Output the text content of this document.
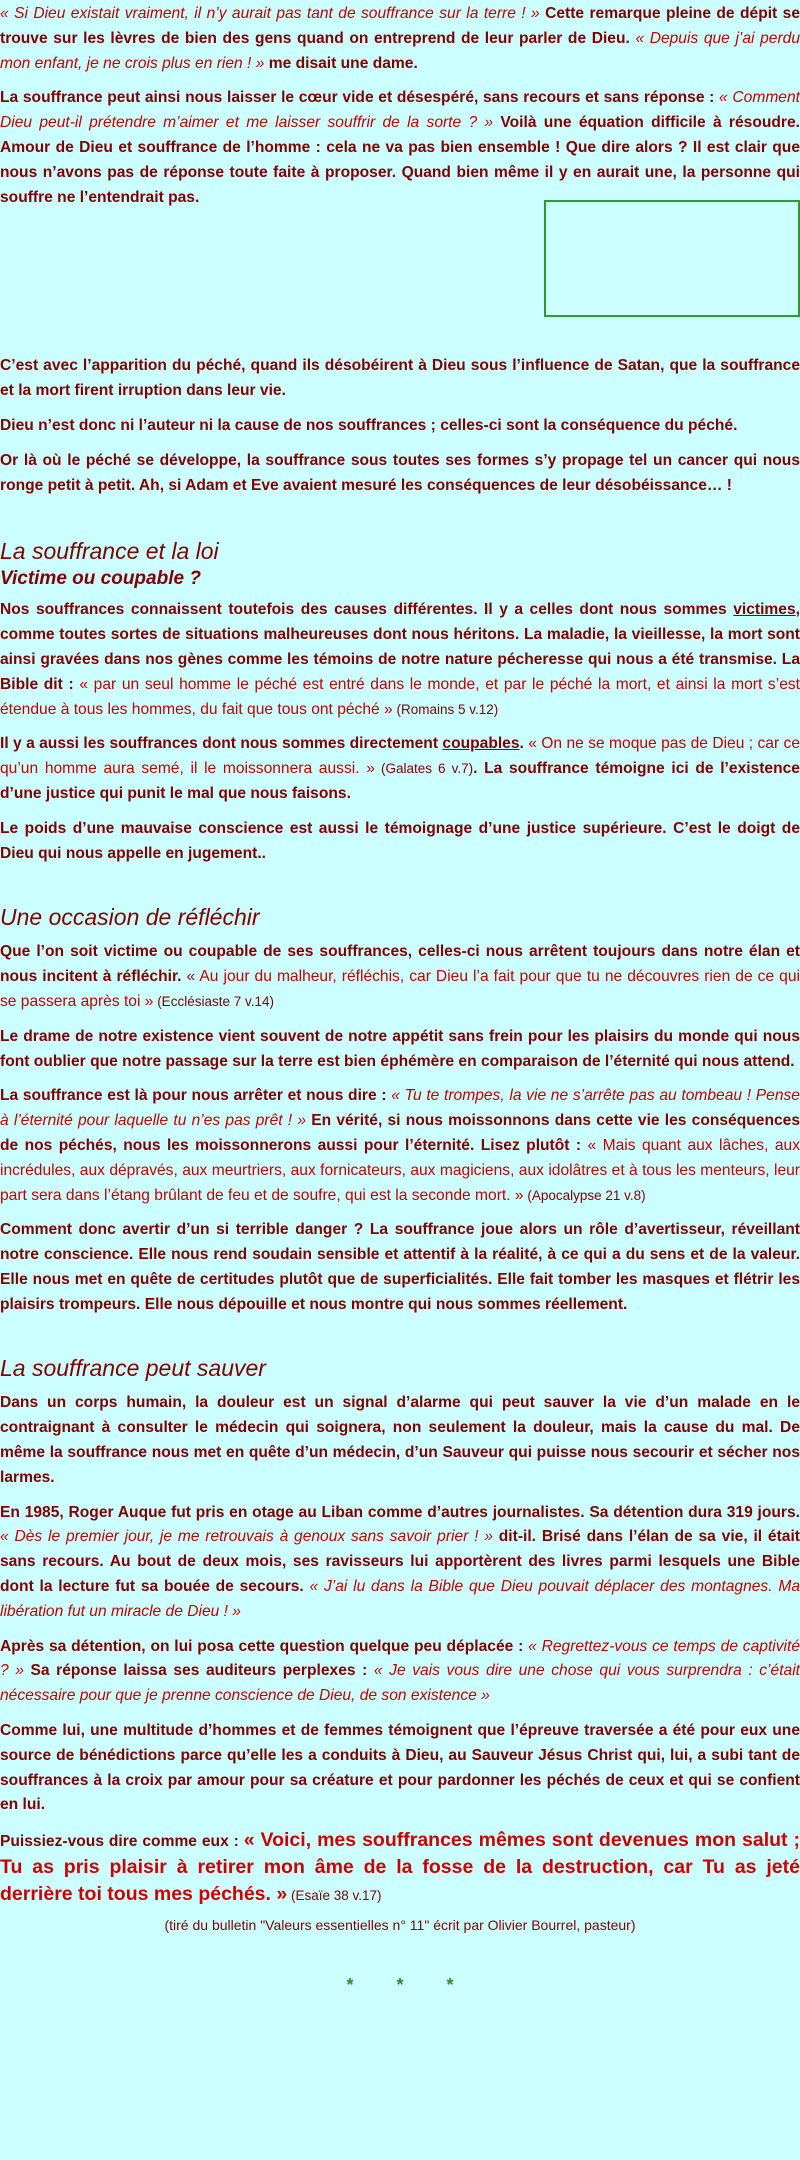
« Si Dieu existait vraiment, il n’y aurait pas tant de souffrance sur la terre ! » Cette remarque pleine de dépit se trouve sur les lèvres de bien des gens quand on entreprend de leur parler de Dieu. « Depuis que j’ai perdu mon enfant, je ne crois plus en rien ! » me disait une dame.

La souffrance peut ainsi nous laisser le cœur vide et désespéré, sans recours et sans réponse : « Comment Dieu peut-il prétendre m’aimer et me laisser souffrir de la sorte ? » Voilà une équation difficile à résoudre. Amour de Dieu et souffrance de l’homme : cela ne va pas bien ensemble ! Que dire alors ? Il est clair que nous n’avons pas de réponse toute faite à proposer. Quand bien même il y en aurait une, la personne qui souffre ne l’entendrait pas.

C’est avec l’apparition du péché, quand ils désobéirent à Dieu sous l’influence de Satan, que la souffrance et la mort firent irruption dans leur vie.

Dieu n’est donc ni l’auteur ni la cause de nos souffrances ; celles-ci sont la conséquence du péché.

Or là où le péché se développe, la souffrance sous toutes ses formes s’y propage tel un cancer qui nous ronge petit à petit. Ah, si Adam et Eve avaient mesuré les conséquences de leur désobéissance… !

La souffrance et la loi
Victime ou coupable ?

Nos souffrances connaissent toutefois des causes différentes. Il y a celles dont nous sommes victimes, comme toutes sortes de situations malheureuses dont nous héritons. La maladie, la vieillesse, la mort sont ainsi gravées dans nos gènes comme les témoins de notre nature pécheresse qui nous a été transmise. La Bible dit : « par un seul homme le péché est entré dans le monde, et par le péché la mort, et ainsi la mort s’est étendue à tous les hommes, du fait que tous ont péché » (Romains 5 v.12)

Il y a aussi les souffrances dont nous sommes directement coupables. « On ne se moque pas de Dieu ; car ce qu’un homme aura semé, il le moissonnera aussi. » (Galates 6 v.7). La souffrance témoigne ici de l’existence d’une justice qui punit le mal que nous faisons.

Le poids d’une mauvaise conscience est aussi le témoignage d’une justice supérieure. C’est le doigt de Dieu qui nous appelle en jugement..

Une occasion de réfléchir

Que l’on soit victime ou coupable de ses souffrances, celles-ci nous arrêtent toujours dans notre élan et nous incitent à réfléchir. « Au jour du malheur, réfléchis, car Dieu l’a fait pour que tu ne découvres rien de ce qui se passera après toi » (Ecclésiaste 7 v.14)

Le drame de notre existence vient souvent de notre appétit sans frein pour les plaisirs du monde qui nous font oublier que notre passage sur la terre est bien éphémère en comparaison de l’éternité qui nous attend.

La souffrance est là pour nous arrêter et nous dire : « Tu te trompes, la vie ne s’arrête pas au tombeau ! Pense à l’éternité pour laquelle tu n’es pas prêt ! » En vérité, si nous moissonnons dans cette vie les conséquences de nos péchés, nous les moissonnerons aussi pour l’éternité. Lisez plutôt : « Mais quant aux lâches, aux incrédules, aux dépravés, aux meurtriers, aux fornicateurs, aux magiciens, aux idolâtres et à tous les menteurs, leur part sera dans l’étang brûlant de feu et de soufre, qui est la seconde mort. » (Apocalypse 21 v.8)

Comment donc avertir d’un si terrible danger ? La souffrance joue alors un rôle d’avertisseur, réveillant notre conscience. Elle nous rend soudain sensible et attentif à la réalité, à ce qui a du sens et de la valeur. Elle nous met en quête de certitudes plutôt que de superficialités. Elle fait tomber les masques et flétrir les plaisirs trompeurs. Elle nous dépouille et nous montre qui nous sommes réellement.

La souffrance peut sauver

Dans un corps humain, la douleur est un signal d’alarme qui peut sauver la vie d’un malade en le contraignant à consulter le médecin qui soignera, non seulement la douleur, mais la cause du mal. De même la souffrance nous met en quête d’un médecin, d’un Sauveur qui puisse nous secourir et sécher nos larmes.

En 1985, Roger Auque fut pris en otage au Liban comme d’autres journalistes. Sa détention dura 319 jours. « Dès le premier jour, je me retrouvais à genoux sans savoir prier ! » dit-il. Brisé dans l’élan de sa vie, il était sans recours. Au bout de deux mois, ses ravisseurs lui apportèrent des livres parmi lesquels une Bible dont la lecture fut sa bouée de secours. « J’ai lu dans la Bible que Dieu pouvait déplacer des montagnes. Ma libération fut un miracle de Dieu ! »

Après sa détention, on lui posa cette question quelque peu déplacée : « Regrettez-vous ce temps de captivité ? » Sa réponse laissa ses auditeurs perplexes : « Je vais vous dire une chose qui vous surprendra : c’était nécessaire pour que je prenne conscience de Dieu, de son existence »

Comme lui, une multitude d’hommes et de femmes témoignent que l’épreuve traversée a été pour eux une source de bénédictions parce qu’elle les a conduits à Dieu, au Sauveur Jésus Christ qui, lui, a subi tant de souffrances à la croix par amour pour sa créature et pour pardonner les péchés de ceux et qui se confient en lui.

Puissiez-vous dire comme eux : « Voici, mes souffrances mêmes sont devenues mon salut ; Tu as pris plaisir à retirer mon âme de la fosse de la destruction, car Tu as jeté derrière toi tous mes péchés. » (Esaïe 38 v.17)

(tiré du bulletin "Valeurs essentielles n° 11" écrit par Olivier Bourrel, pasteur)
* * *
